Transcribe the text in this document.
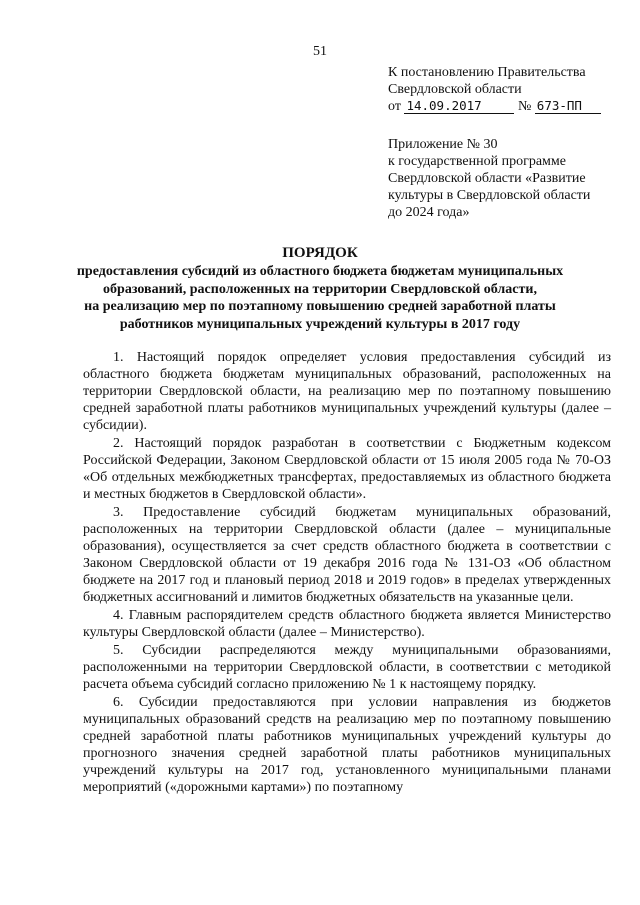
51
К постановлению Правительства
Свердловской области
от 14.09.2017	№ 673-ПП
Приложение № 30
к государственной программе
Свердловской области «Развитие
культуры в Свердловской области
до 2024 года»
ПОРЯДОК
предоставления субсидий из областного бюджета бюджетам муниципальных
образований, расположенных на территории Свердловской области,
на реализацию мер по поэтапному повышению средней заработной платы
работников муниципальных учреждений культуры в 2017 году

1. Настоящий порядок определяет условия предоставления субсидий из областного бюджета бюджетам муниципальных образований, расположенных на территории Свердловской области, на реализацию мер по поэтапному повышению средней заработной платы работников муниципальных учреждений культуры (далее – субсидии).

2. Настоящий порядок разработан в соответствии с Бюджетным кодексом Российской Федерации, Законом Свердловской области от 15 июля 2005 года № 70-ОЗ «Об отдельных межбюджетных трансфертах, предоставляемых из областного бюджета и местных бюджетов в Свердловской области».

3. Предоставление субсидий бюджетам муниципальных образований, расположенных на территории Свердловской области (далее – муниципальные образования), осуществляется за счет средств областного бюджета в соответствии с Законом Свердловской области от 19 декабря 2016 года № 131-ОЗ «Об областном бюджете на 2017 год и плановый период 2018 и 2019 годов» в пределах утвержденных бюджетных ассигнований и лимитов бюджетных обязательств на указанные цели.

4. Главным распорядителем средств областного бюджета является Министерство культуры Свердловской области (далее – Министерство).

5. Субсидии распределяются между муниципальными образованиями, расположенными на территории Свердловской области, в соответствии с методикой расчета объема субсидий согласно приложению № 1 к настоящему порядку.

6. Субсидии предоставляются при условии направления из бюджетов муниципальных образований средств на реализацию мер по поэтапному повышению средней заработной платы работников муниципальных учреждений культуры до прогнозного значения средней заработной платы работников муниципальных учреждений культуры на 2017 год, установленного муниципальными планами мероприятий («дорожными картами») по поэтапному
